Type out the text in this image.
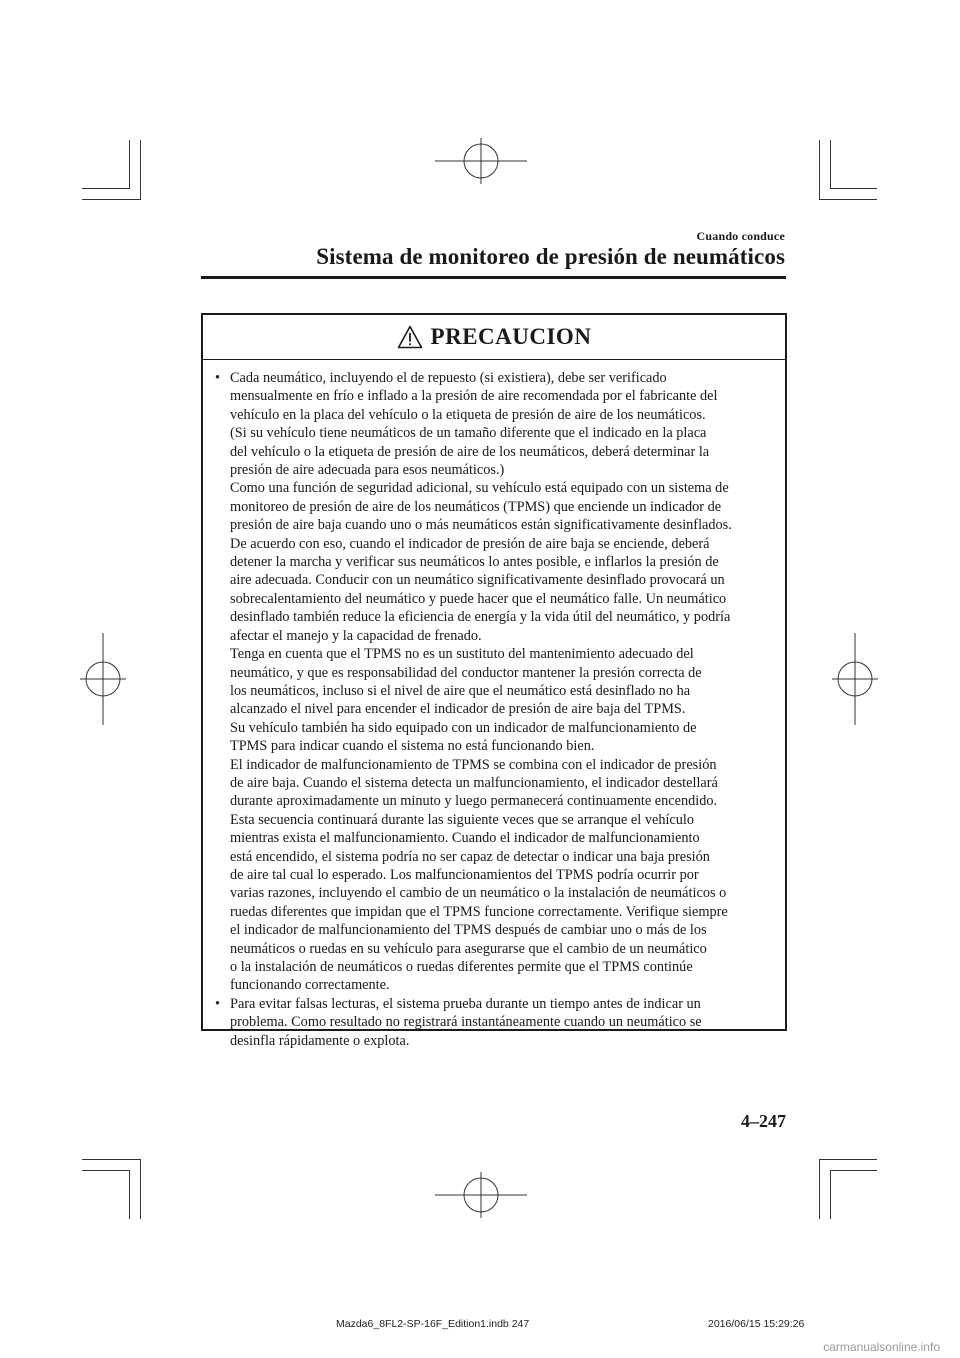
Cuando conduce
Sistema de monitoreo de presión de neumáticos
PRECAUCION
• Cada neumático, incluyendo el de repuesto (si existiera), debe ser verificado
mensualmente en frío e inflado a la presión de aire recomendada por el fabricante del
vehículo en la placa del vehículo o la etiqueta de presión de aire de los neumáticos.
(Si su vehículo tiene neumáticos de un tamaño diferente que el indicado en la placa
del vehículo o la etiqueta de presión de aire de los neumáticos, deberá determinar la
presión de aire adecuada para esos neumáticos.)
Como una función de seguridad adicional, su vehículo está equipado con un sistema de
monitoreo de presión de aire de los neumáticos (TPMS) que enciende un indicador de
presión de aire baja cuando uno o más neumáticos están significativamente desinflados.
De acuerdo con eso, cuando el indicador de presión de aire baja se enciende, deberá
detener la marcha y verificar sus neumáticos lo antes posible, e inflarlos la presión de
aire adecuada. Conducir con un neumático significativamente desinflado provocará un
sobrecalentamiento del neumático y puede hacer que el neumático falle. Un neumático
desinflado también reduce la eficiencia de energía y la vida útil del neumático, y podría
afectar el manejo y la capacidad de frenado.
Tenga en cuenta que el TPMS no es un sustituto del mantenimiento adecuado del
neumático, y que es responsabilidad del conductor mantener la presión correcta de
los neumáticos, incluso si el nivel de aire que el neumático está desinflado no ha
alcanzado el nivel para encender el indicador de presión de aire baja del TPMS.
Su vehículo también ha sido equipado con un indicador de malfuncionamiento de
TPMS para indicar cuando el sistema no está funcionando bien.
El indicador de malfuncionamiento de TPMS se combina con el indicador de presión
de aire baja. Cuando el sistema detecta un malfuncionamiento, el indicador destellará
durante aproximadamente un minuto y luego permanecerá continuamente encendido.
Esta secuencia continuará durante las siguiente veces que se arranque el vehículo
mientras exista el malfuncionamiento. Cuando el indicador de malfuncionamiento
está encendido, el sistema podría no ser capaz de detectar o indicar una baja presión
de aire tal cual lo esperado. Los malfuncionamientos del TPMS podría ocurrir por
varias razones, incluyendo el cambio de un neumático o la instalación de neumáticos o
ruedas diferentes que impidan que el TPMS funcione correctamente. Verifique siempre
el indicador de malfuncionamiento del TPMS después de cambiar uno o más de los
neumáticos o ruedas en su vehículo para asegurarse que el cambio de un neumático
o la instalación de neumáticos o ruedas diferentes permite que el TPMS continúe
funcionando correctamente.
• Para evitar falsas lecturas, el sistema prueba durante un tiempo antes de indicar un
problema. Como resultado no registrará instantáneamente cuando un neumático se
desinfla rápidamente o explota.
4–247
Mazda6_8FL2-SP-16F_Edition1.indb 247	2016/06/15 15:29:26
carmanualsonline.info
